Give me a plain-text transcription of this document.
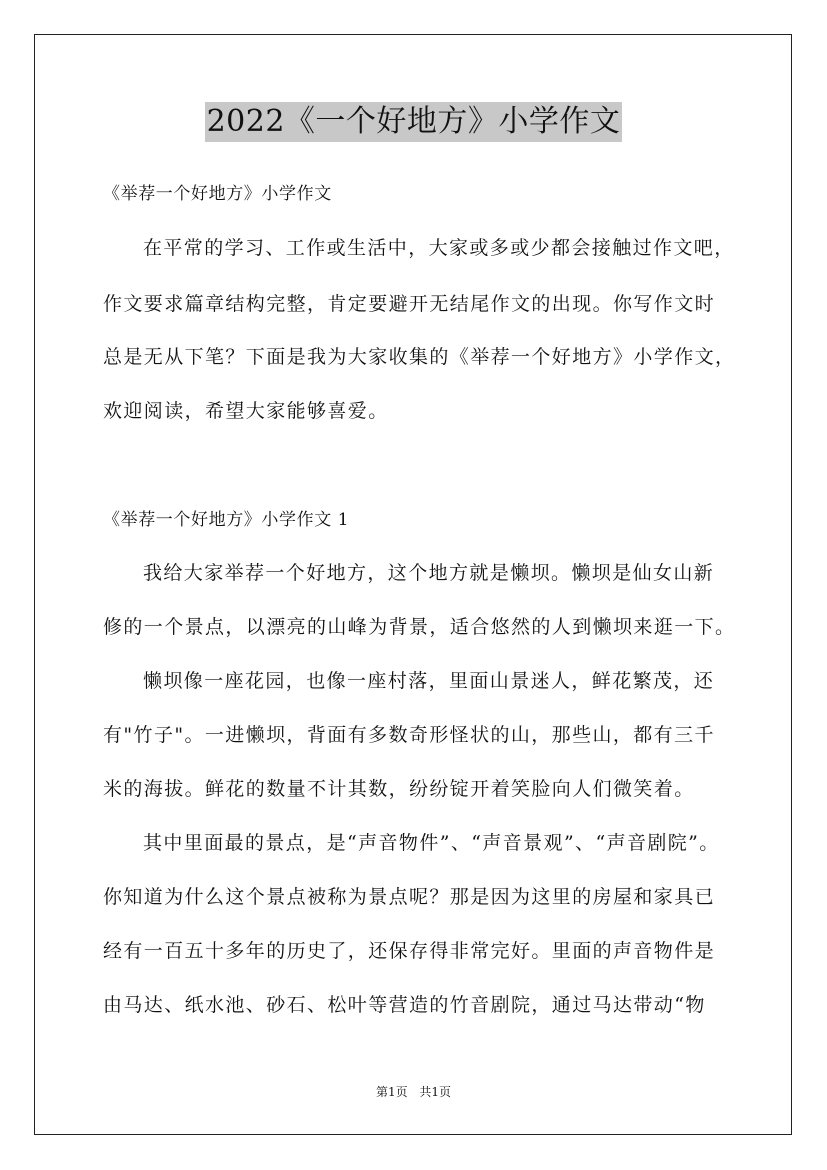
2022《一个好地方》小学作文
《举荐一个好地方》小学作文
在平常的学习、工作或生活中，大家或多或少都会接触过作文吧，
作文要求篇章结构完整，肯定要避开无结尾作文的出现。你写作文时
总是无从下笔？下面是我为大家收集的《举荐一个好地方》小学作文，
欢迎阅读，希望大家能够喜爱。
《举荐一个好地方》小学作文 1
我给大家举荐一个好地方，这个地方就是懒坝。懒坝是仙女山新
修的一个景点，以漂亮的山峰为背景，适合悠然的人到懒坝来逛一下。
懒坝像一座花园，也像一座村落，里面山景迷人，鲜花繁茂，还
有"竹子"。一进懒坝，背面有多数奇形怪状的山，那些山，都有三千
米的海拔。鲜花的数量不计其数，纷纷锭开着笑脸向人们微笑着。
其中里面最的景点，是“声音物件”、“声音景观”、“声音剧院”。
你知道为什么这个景点被称为景点呢？那是因为这里的房屋和家具已
经有一百五十多年的历史了，还保存得非常完好。里面的声音物件是
由马达、纸水池、砂石、松叶等营造的竹音剧院，通过马达带动“物
第1页 共1页
